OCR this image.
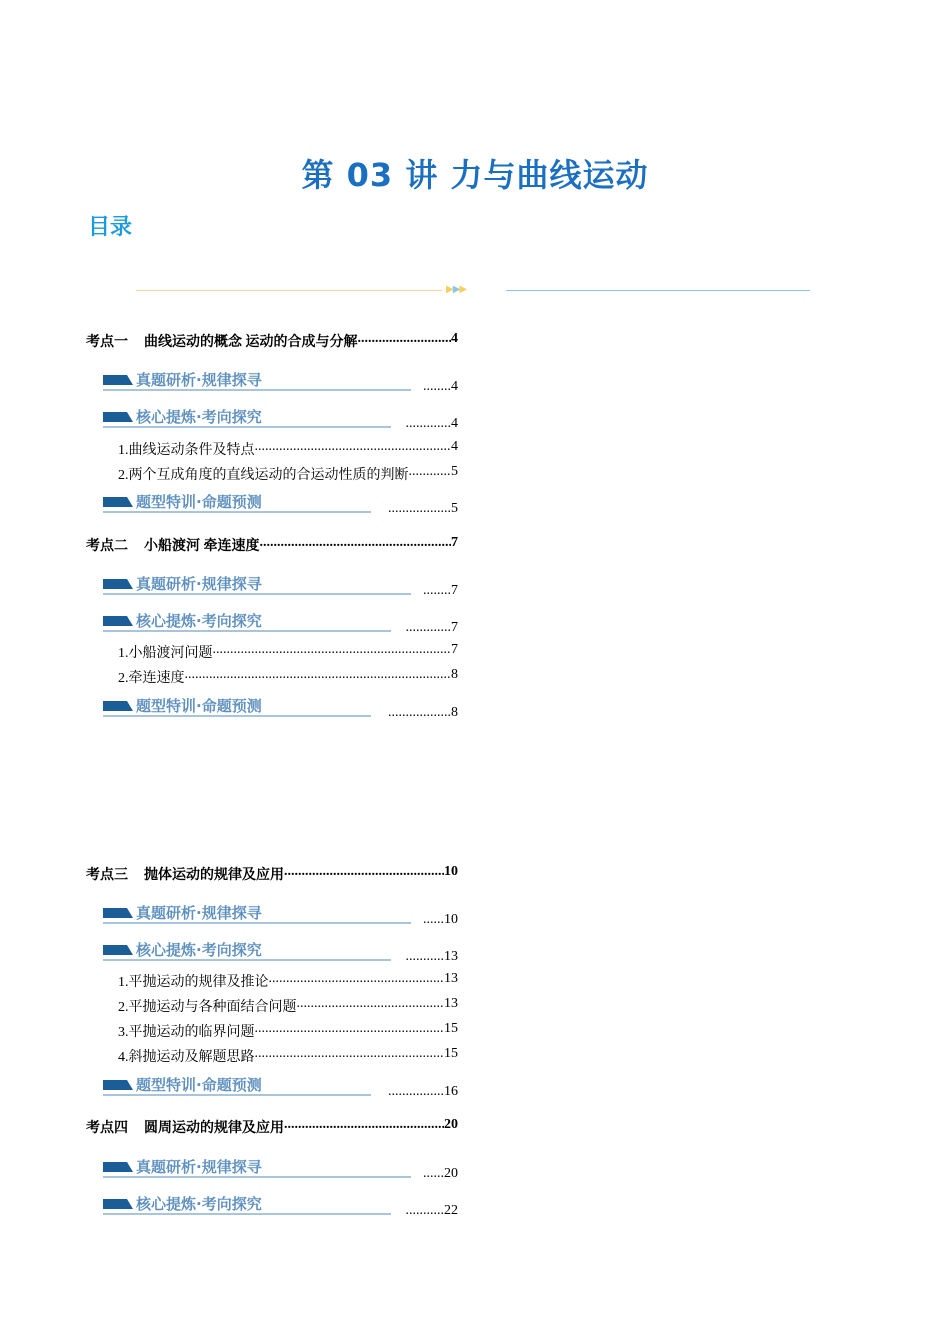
第 03 讲 力与曲线运动
目录
▶▶▶
考点一 曲线运动的概念 运动的合成与分解 .....	4
真题研析·规律探寻	........4
核心提炼·考向探究	.............4
1.曲线运动条件及特点 .....	4
2.两个互成角度的直线运动的合运动性质的判断 .....	5
题型特训·命题预测	..................5
考点二 小船渡河 牵连速度 .....	7
真题研析·规律探寻	........7
核心提炼·考向探究	.............7
1.小船渡河问题 .....	7
2.牵连速度 .....	8
题型特训·命题预测	..................8
考点三 抛体运动的规律及应用 .....	10
真题研析·规律探寻	......10
核心提炼·考向探究	...........13
1.平抛运动的规律及推论 .....	13
2.平抛运动与各种面结合问题 .....	13
3.平抛运动的临界问题 .....	15
4.斜抛运动及解题思路 .....	15
题型特训·命题预测	................16
考点四 圆周运动的规律及应用 .....	20
真题研析·规律探寻	......20
核心提炼·考向探究	...........22
